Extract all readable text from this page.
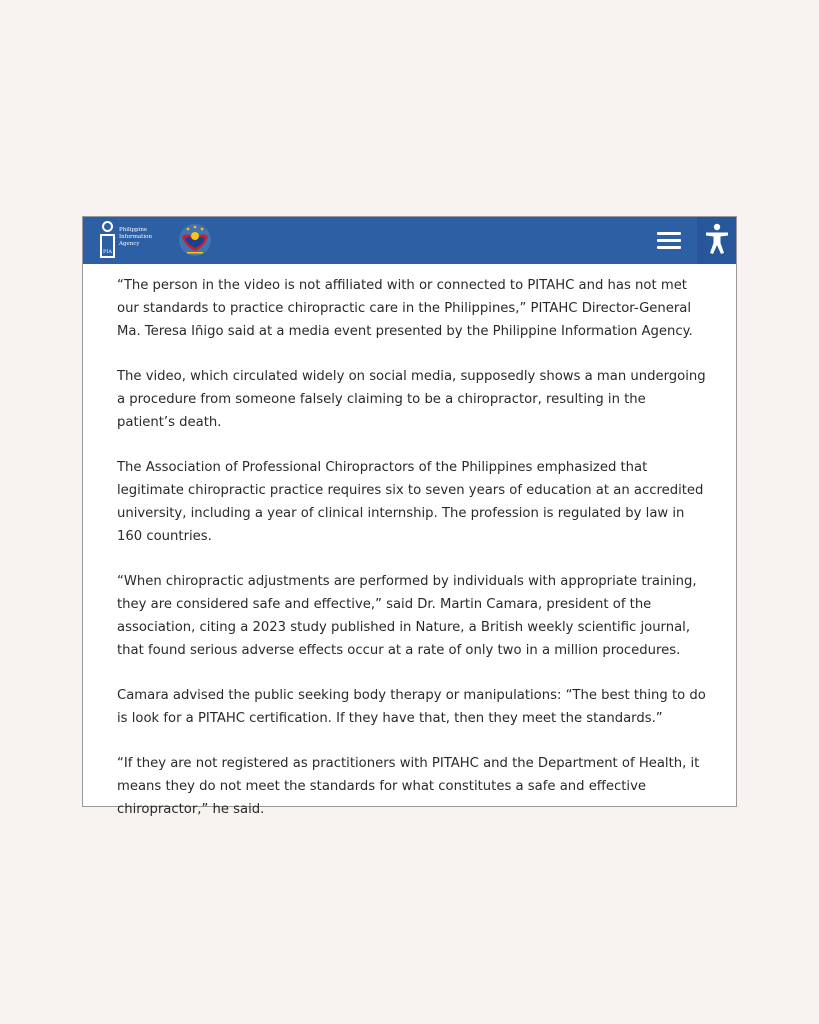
PIA
Philippine
Information
Agency

“The person in the video is not affiliated with or connected to PITAHC and has not met our standards to practice chiropractic care in the Philippines,” PITAHC Director-General Ma. Teresa Iñigo said at a media event presented by the Philippine Information Agency.

The video, which circulated widely on social media, supposedly shows a man undergoing a procedure from someone falsely claiming to be a chiropractor, resulting in the patient’s death.

The Association of Professional Chiropractors of the Philippines emphasized that legitimate chiropractic practice requires six to seven years of education at an accredited university, including a year of clinical internship. The profession is regulated by law in 160 countries.

“When chiropractic adjustments are performed by individuals with appropriate training, they are considered safe and effective,” said Dr. Martin Camara, president of the association, citing a 2023 study published in Nature, a British weekly scientific journal, that found serious adverse effects occur at a rate of only two in a million procedures.

Camara advised the public seeking body therapy or manipulations: “The best thing to do is look for a PITAHC certification. If they have that, then they meet the standards.”

“If they are not registered as practitioners with PITAHC and the Department of Health, it means they do not meet the standards for what constitutes a safe and effective chiropractor,” he said.
